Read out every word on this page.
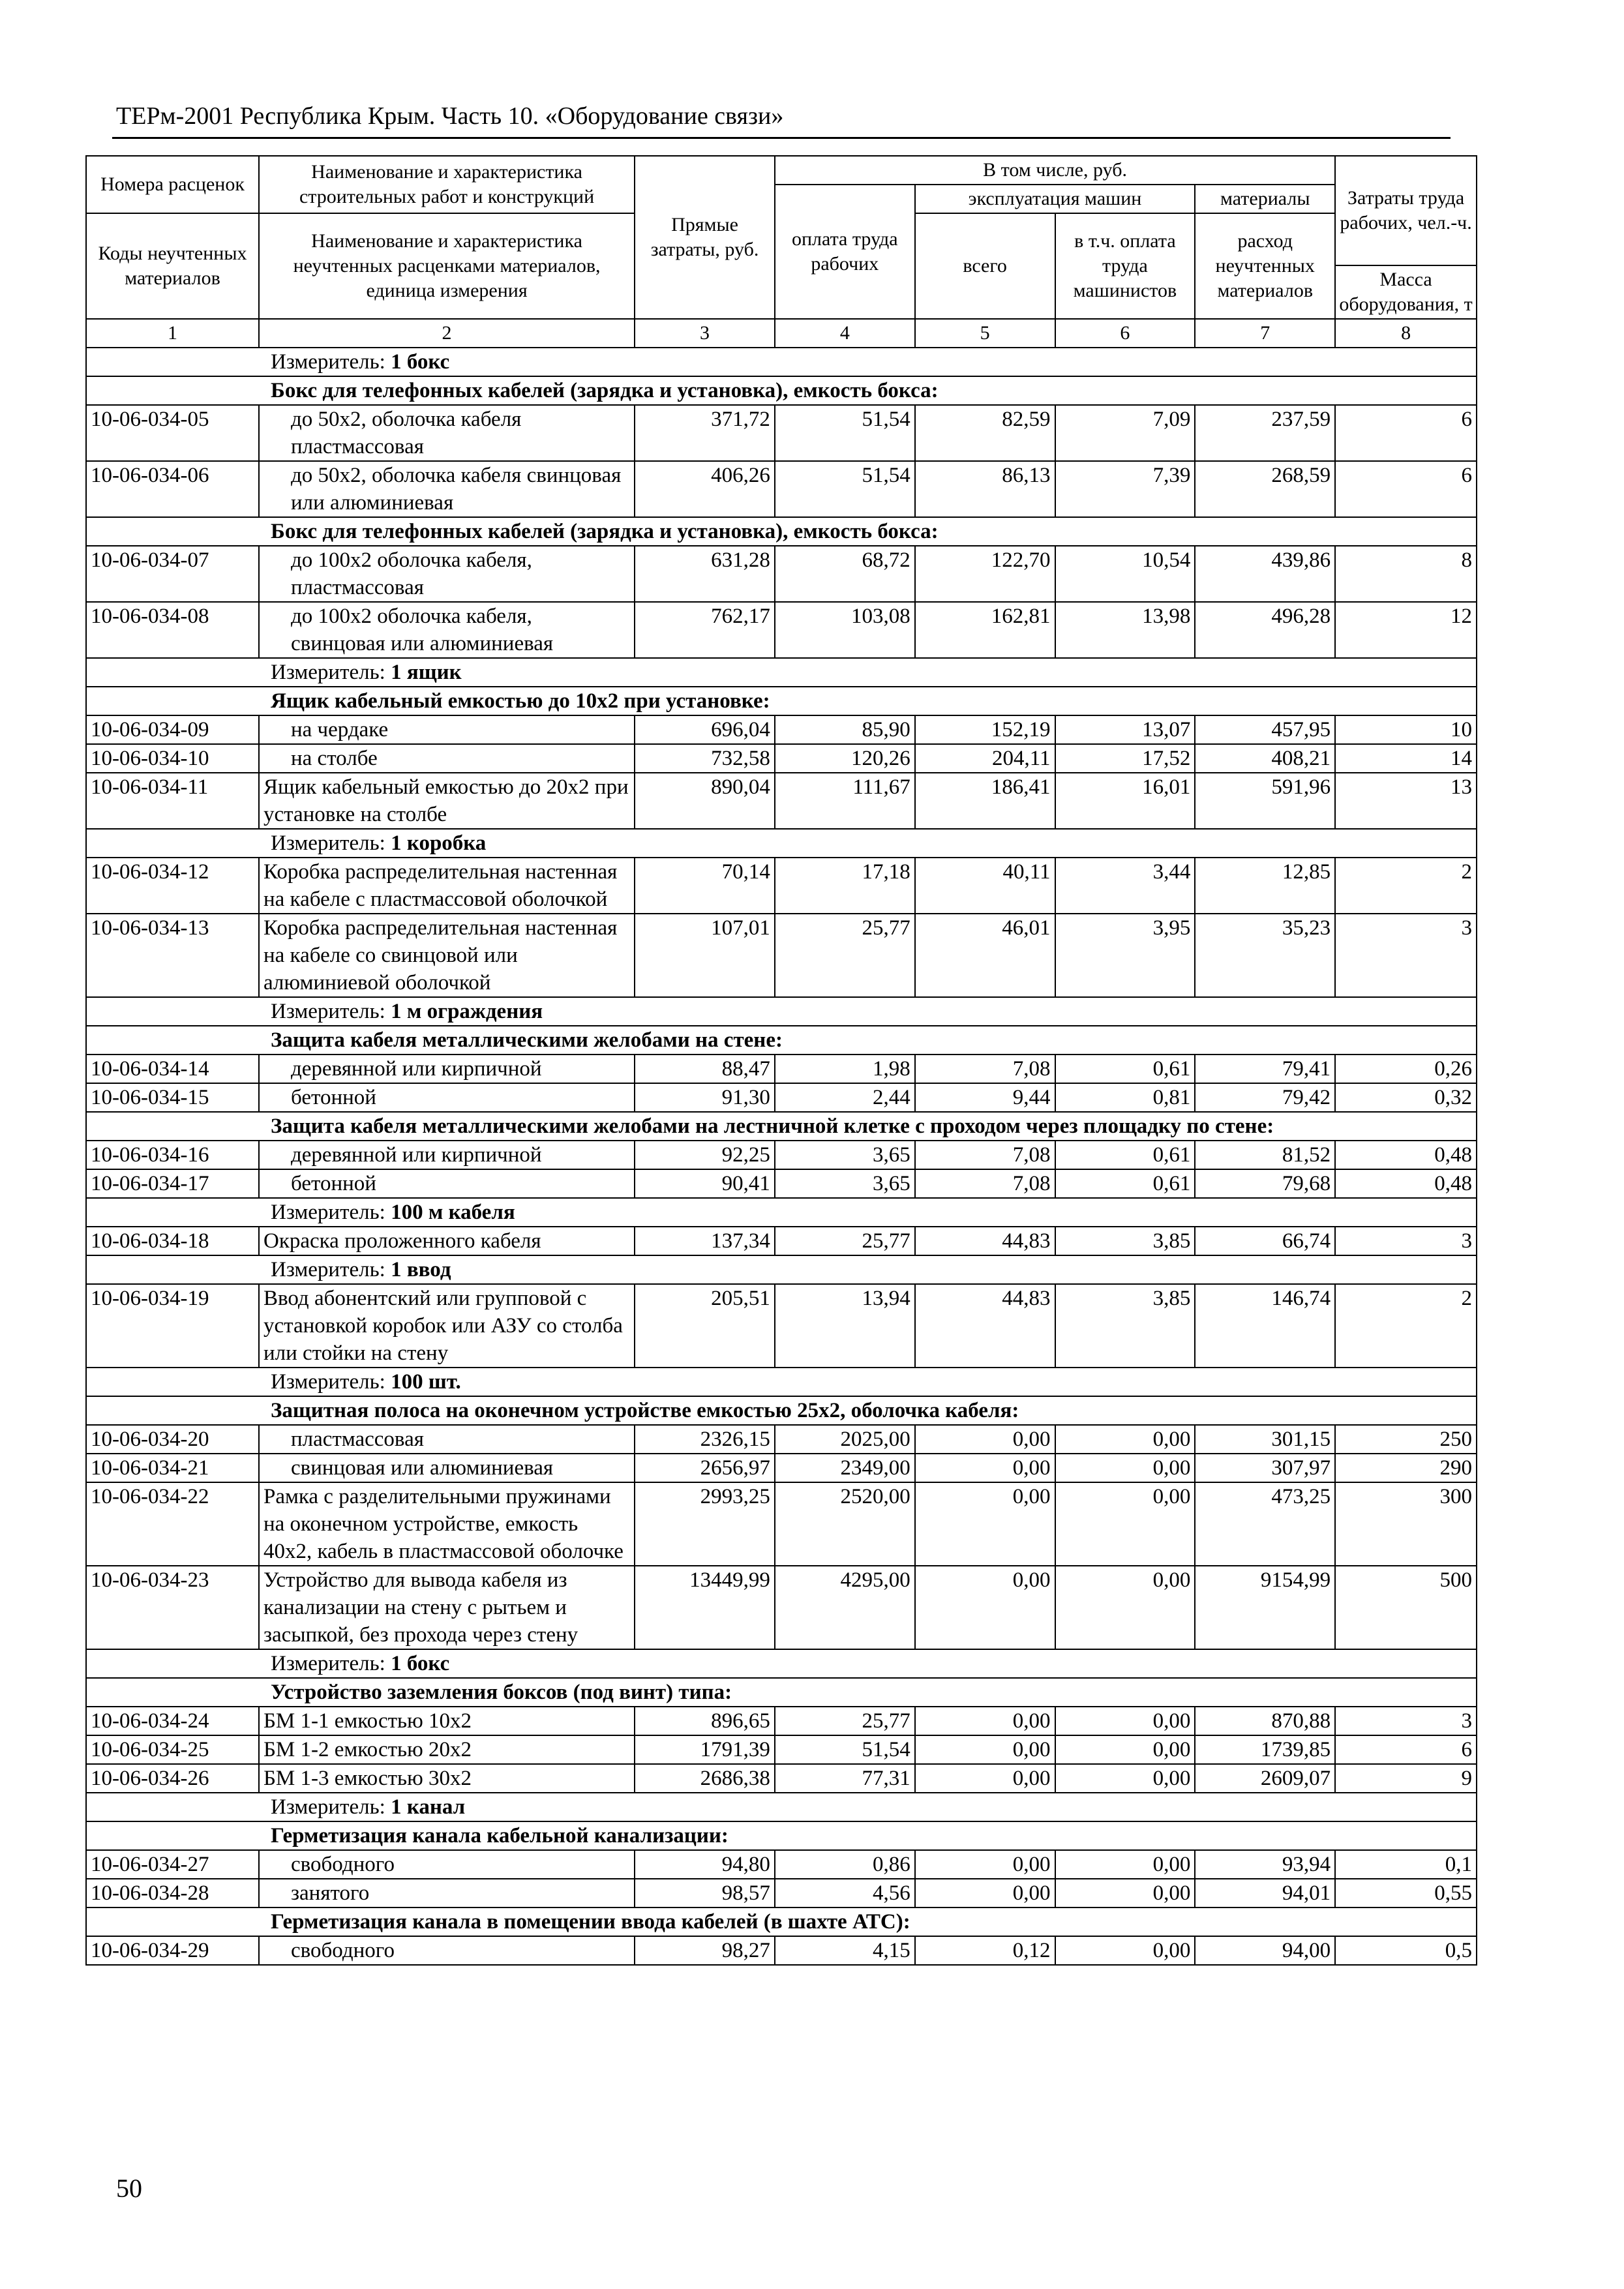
ТЕРм-2001 Республика Крым. Часть 10. «Оборудование связи»
Номера расценок	Наименование и характеристика строительных работ и конструкций	Прямые затраты, руб.	В том числе, руб.				Затраты труда рабочих, чел.-ч.
			оплата труда рабочих	эксплуатация машин		материалы	
Коды неучтенных материалов	Наименование и характеристика неучтенных расценками материалов, единица измерения			всего	в т.ч. оплата труда машинистов	расход неучтенных материалов	
							Масса оборудования, т
1	2	3	4	5	6	7	8
Измеритель: 1 бокс							
Бокс для телефонных кабелей (зарядка и установка), емкость бокса:							
10-06-034-05	до 50х2, оболочка кабеля пластмассовая	371,72	51,54	82,59	7,09	237,59	6
10-06-034-06	до 50х2, оболочка кабеля свинцовая или алюминиевая	406,26	51,54	86,13	7,39	268,59	6
Бокс для телефонных кабелей (зарядка и установка), емкость бокса:							
10-06-034-07	до 100х2 оболочка кабеля, пластмассовая	631,28	68,72	122,70	10,54	439,86	8
10-06-034-08	до 100х2 оболочка кабеля, свинцовая или алюминиевая	762,17	103,08	162,81	13,98	496,28	12
Измеритель: 1 ящик							
Ящик кабельный емкостью до 10х2 при установке:							
10-06-034-09	на чердаке	696,04	85,90	152,19	13,07	457,95	10
10-06-034-10	на столбе	732,58	120,26	204,11	17,52	408,21	14
10-06-034-11	Ящик кабельный емкостью до 20х2 при установке на столбе	890,04	111,67	186,41	16,01	591,96	13
Измеритель: 1 коробка							
10-06-034-12	Коробка распределительная настенная на кабеле с пластмассовой оболочкой	70,14	17,18	40,11	3,44	12,85	2
10-06-034-13	Коробка распределительная настенная на кабеле со свинцовой или алюминиевой оболочкой	107,01	25,77	46,01	3,95	35,23	3
Измеритель: 1 м ограждения							
Защита кабеля металлическими желобами на стене:							
10-06-034-14	деревянной или кирпичной	88,47	1,98	7,08	0,61	79,41	0,26
10-06-034-15	бетонной	91,30	2,44	9,44	0,81	79,42	0,32
Защита кабеля металлическими желобами на лестничной клетке с проходом через площадку по стене:							
10-06-034-16	деревянной или кирпичной	92,25	3,65	7,08	0,61	81,52	0,48
10-06-034-17	бетонной	90,41	3,65	7,08	0,61	79,68	0,48
Измеритель: 100 м кабеля							
10-06-034-18	Окраска проложенного кабеля	137,34	25,77	44,83	3,85	66,74	3
Измеритель: 1 ввод							
10-06-034-19	Ввод абонентский или групповой с установкой коробок или АЗУ со столба или стойки на стену	205,51	13,94	44,83	3,85	146,74	2
Измеритель: 100 шт.							
Защитная полоса на оконечном устройстве емкостью 25х2, оболочка кабеля:							
10-06-034-20	пластмассовая	2326,15	2025,00	0,00	0,00	301,15	250
10-06-034-21	свинцовая или алюминиевая	2656,97	2349,00	0,00	0,00	307,97	290
10-06-034-22	Рамка с разделительными пружинами на оконечном устройстве, емкость 40х2, кабель в пластмассовой оболочке	2993,25	2520,00	0,00	0,00	473,25	300
10-06-034-23	Устройство для вывода кабеля из канализации на стену с рытьем и засыпкой, без прохода через стену	13449,99	4295,00	0,00	0,00	9154,99	500
Измеритель: 1 бокс							
Устройство заземления боксов (под винт) типа:							
10-06-034-24	БМ 1-1 емкостью 10х2	896,65	25,77	0,00	0,00	870,88	3
10-06-034-25	БМ 1-2 емкостью 20х2	1791,39	51,54	0,00	0,00	1739,85	6
10-06-034-26	БМ 1-3 емкостью 30х2	2686,38	77,31	0,00	0,00	2609,07	9
Измеритель: 1 канал							
Герметизация канала кабельной канализации:							
10-06-034-27	свободного	94,80	0,86	0,00	0,00	93,94	0,1
10-06-034-28	занятого	98,57	4,56	0,00	0,00	94,01	0,55
Герметизация канала в помещении ввода кабелей (в шахте АТС):							
10-06-034-29	свободного	98,27	4,15	0,12	0,00	94,00	0,5
50
